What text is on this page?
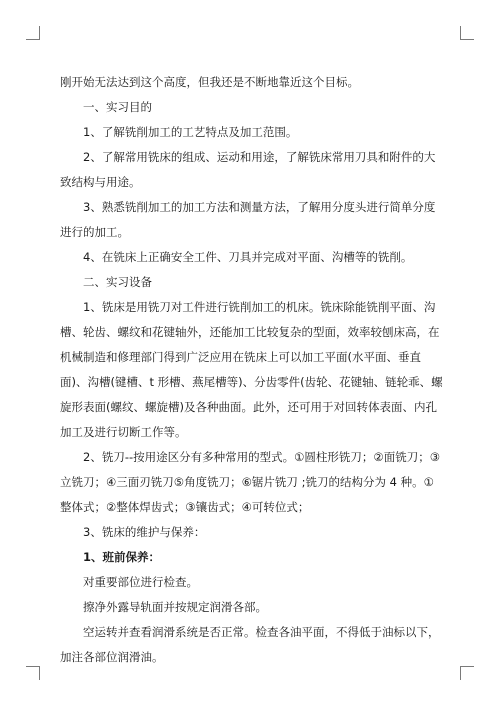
刚开始无法达到这个高度，但我还是不断地靠近这个目标。

一、实习目的

1、了解铣削加工的工艺特点及加工范围。

2、了解常用铣床的组成、运动和用途，了解铣床常用刀具和附件的大致结构与用途。

3、熟悉铣削加工的加工方法和测量方法，了解用分度头进行简单分度进行的加工。

4、在铣床上正确安全工件、刀具并完成对平面、沟槽等的铣削。

二、实习设备

1、铣床是用铣刀对工件进行铣削加工的机床。铣床除能铣削平面、沟槽、轮齿、螺纹和花键轴外，还能加工比较复杂的型面，效率较刨床高，在机械制造和修理部门得到广泛应用在铣床上可以加工平面(水平面、垂直面)、沟槽(键槽、t 形槽、燕尾槽等)、分齿零件(齿轮、花键轴、链轮乖、螺旋形表面(螺纹、螺旋槽)及各种曲面。此外，还可用于对回转体表面、内孔加工及进行切断工作等。

2、铣刀--按用途区分有多种常用的型式。①圆柱形铣刀；②面铣刀；③立铣刀；④三面刃铣刀⑤角度铣刀；⑥锯片铣刀 ;铣刀的结构分为 4 种。①整体式；②整体焊齿式；③镶齿式；④可转位式；

3、铣床的维护与保养：

1、班前保养：

对重要部位进行检查。

擦净外露导轨面并按规定润滑各部。

空运转并查看润滑系统是否正常。检查各油平面，不得低于油标以下，加注各部位润滑油。
